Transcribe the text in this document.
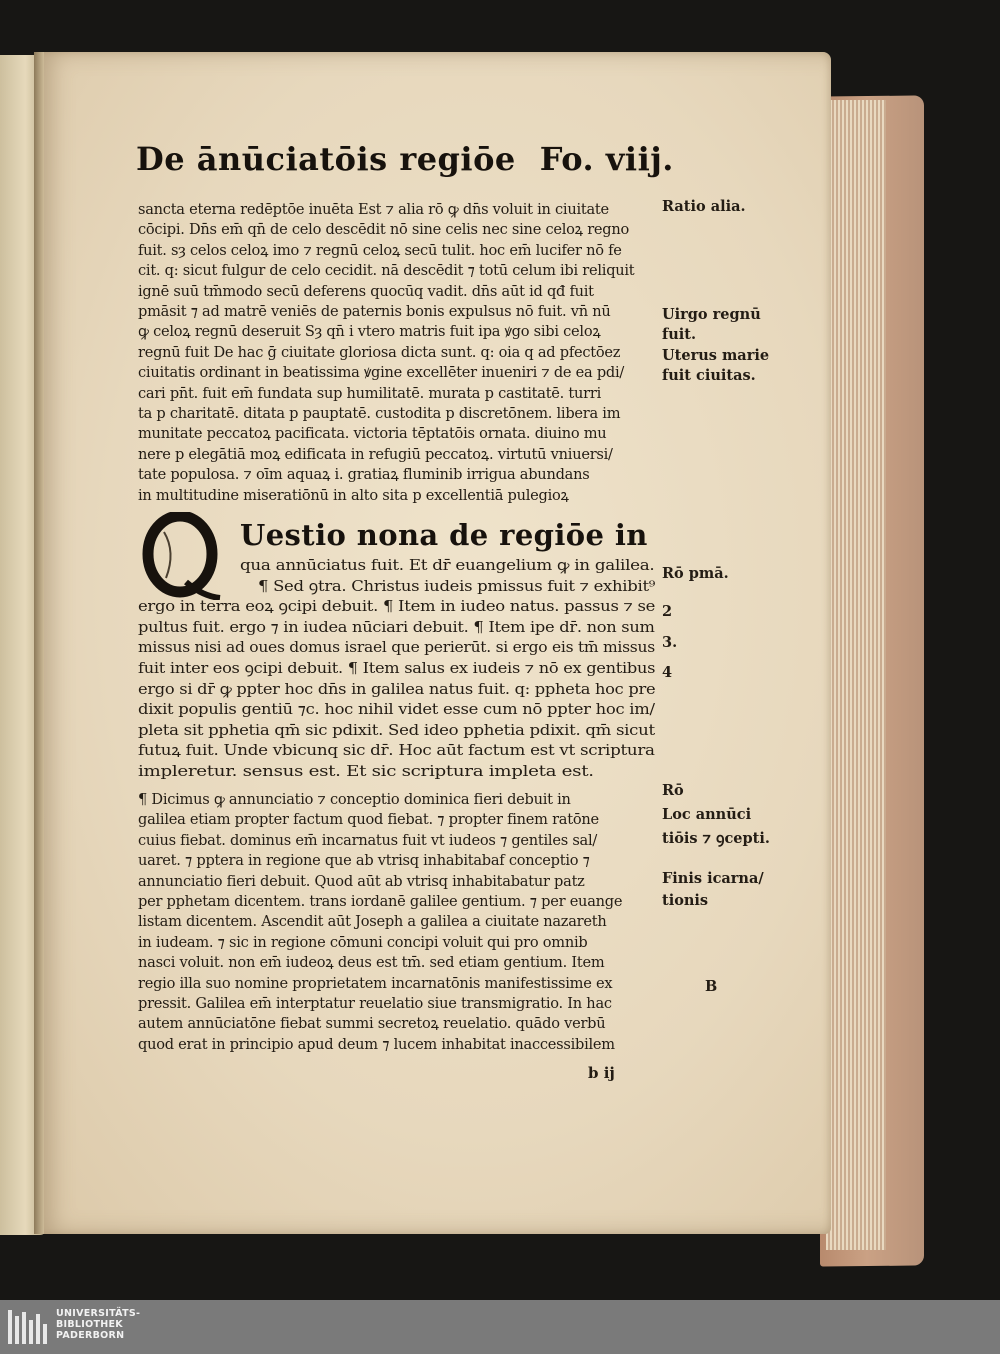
De ānūciatōis regiōe Fo. viij.
sancta eterna redēptōe inuēta Est ⁊ alia rō ꝙ dn̄s voluit in ciuitate
cōcipi. Dn̄s em̄ qn̄ de celo descēdit nō sine celis nec sine celoꝝ regno
fuit. sȝ celos celoꝝ imo ⁊ regnū celoꝝ secū tulit. hoc em̄ lucifer nō fe
cit. q: sicut fulgur de celo cecidit. nā descēdit ⁊ totū celum ibi reliquit
ignē suū tm̄modo secū deferens quocūq vadit. dn̄s aūt id qđ fuit
pmāsit ⁊ ad matrē veniēs de paternis bonis expulsus nō fuit. vn̄ nū
ꝙ celoꝝ regnū deseruit Sȝ qn̄ i vtero matris fuit ipa ꝟgo sibi celoꝝ
regnū fuit De hac ḡ ciuitate gloriosa dicta sunt. q: oia q ad pfectōez
ciuitatis ordinant in beatissima ꝟgine excellēter inueniri ⁊ de ea pdi/
cari pn̄t. fuit em̄ fundata sup humilitatē. murata p castitatē. turri
ta p charitatē. ditata p pauptatē. custodita p discretōnem. libera im
munitate peccatoꝝ pacificata. victoria tēptatōis ornata. diuino mu
nere p elegātiā moꝝ edificata in refugiū peccatoꝝ. virtutū vniuersi/
tate populosa. ⁊ oīm aquaꝝ i. gratiaꝝ fluminib irrigua abundans
in multitudine miseratiōnū in alto sita p excellentiā pulegioꝝ
Uestio nona de regiōe in
qua annūciatus fuit. Et dr̄ euangelium ꝙ in galilea.
¶ Sed ꝯtra. Christus iudeis pmissus fuit ⁊ exhibit⁹
ergo in terra eoꝝ ꝯcipi debuit. ¶ Item in iudeo natus. passus ⁊ se
pultus fuit. ergo ⁊ in iudea nūciari debuit. ¶ Item ipe dr̄. non sum
missus nisi ad oues domus israel que perierūt. si ergo eis tm̄ missus
fuit inter eos ꝯcipi debuit. ¶ Item salus ex iudeis ⁊ nō ex gentibus
ergo si dr̄ ꝙ ppter hoc dn̄s in galilea natus fuit. q: ppheta hoc pre
dixit populis gentiū ⁊c. hoc nihil videt esse cum nō ppter hoc im/
pleta sit pphetia qm̄ sic pdixit. Sed ideo pphetia pdixit. qm̄ sicut
futuꝝ fuit. Unde vbicunq sic dr̄. Hoc aūt factum est vt scriptura
impleretur. sensus est. Et sic scriptura impleta est.
¶ Dicimus ꝙ annunciatio ⁊ conceptio dominica fieri debuit in
galilea etiam propter factum quod fiebat. ⁊ propter finem ratōne
cuius fiebat. dominus em̄ incarnatus fuit vt iudeos ⁊ gentiles sal/
uaret. ⁊ pptera in regione que ab vtrisq inhabitabaf conceptio ⁊
annunciatio fieri debuit. Quod aūt ab vtrisq inhabitabatur patz
per pphetam dicentem. trans iordanē galilee gentium. ⁊ per euange
listam dicentem. Ascendit aūt Joseph a galilea a ciuitate nazareth
in iudeam. ⁊ sic in regione cōmuni concipi voluit qui pro omnib
nasci voluit. non em̄ iudeoꝝ deus est tm̄. sed etiam gentium. Item
regio illa suo nomine proprietatem incarnatōnis manifestissime ex
pressit. Galilea em̄ interptatur reuelatio siue transmigratio. In hac
autem annūciatōne fiebat summi secretoꝝ reuelatio. quādo verbū
quod erat in principio apud deum ⁊ lucem inhabitat inaccessibilem
Ratio alia.
Uirgo regnū
fuit.
Uterus marie
fuit ciuitas.
Rō pmā.
2
3.
4
Rō
Loc annūci
tiōis ⁊ ꝯcepti.
Finis icarna/
tionis
B
b ij
UNIVERSITÄTS-
BIBLIOTHEK
PADERBORN
